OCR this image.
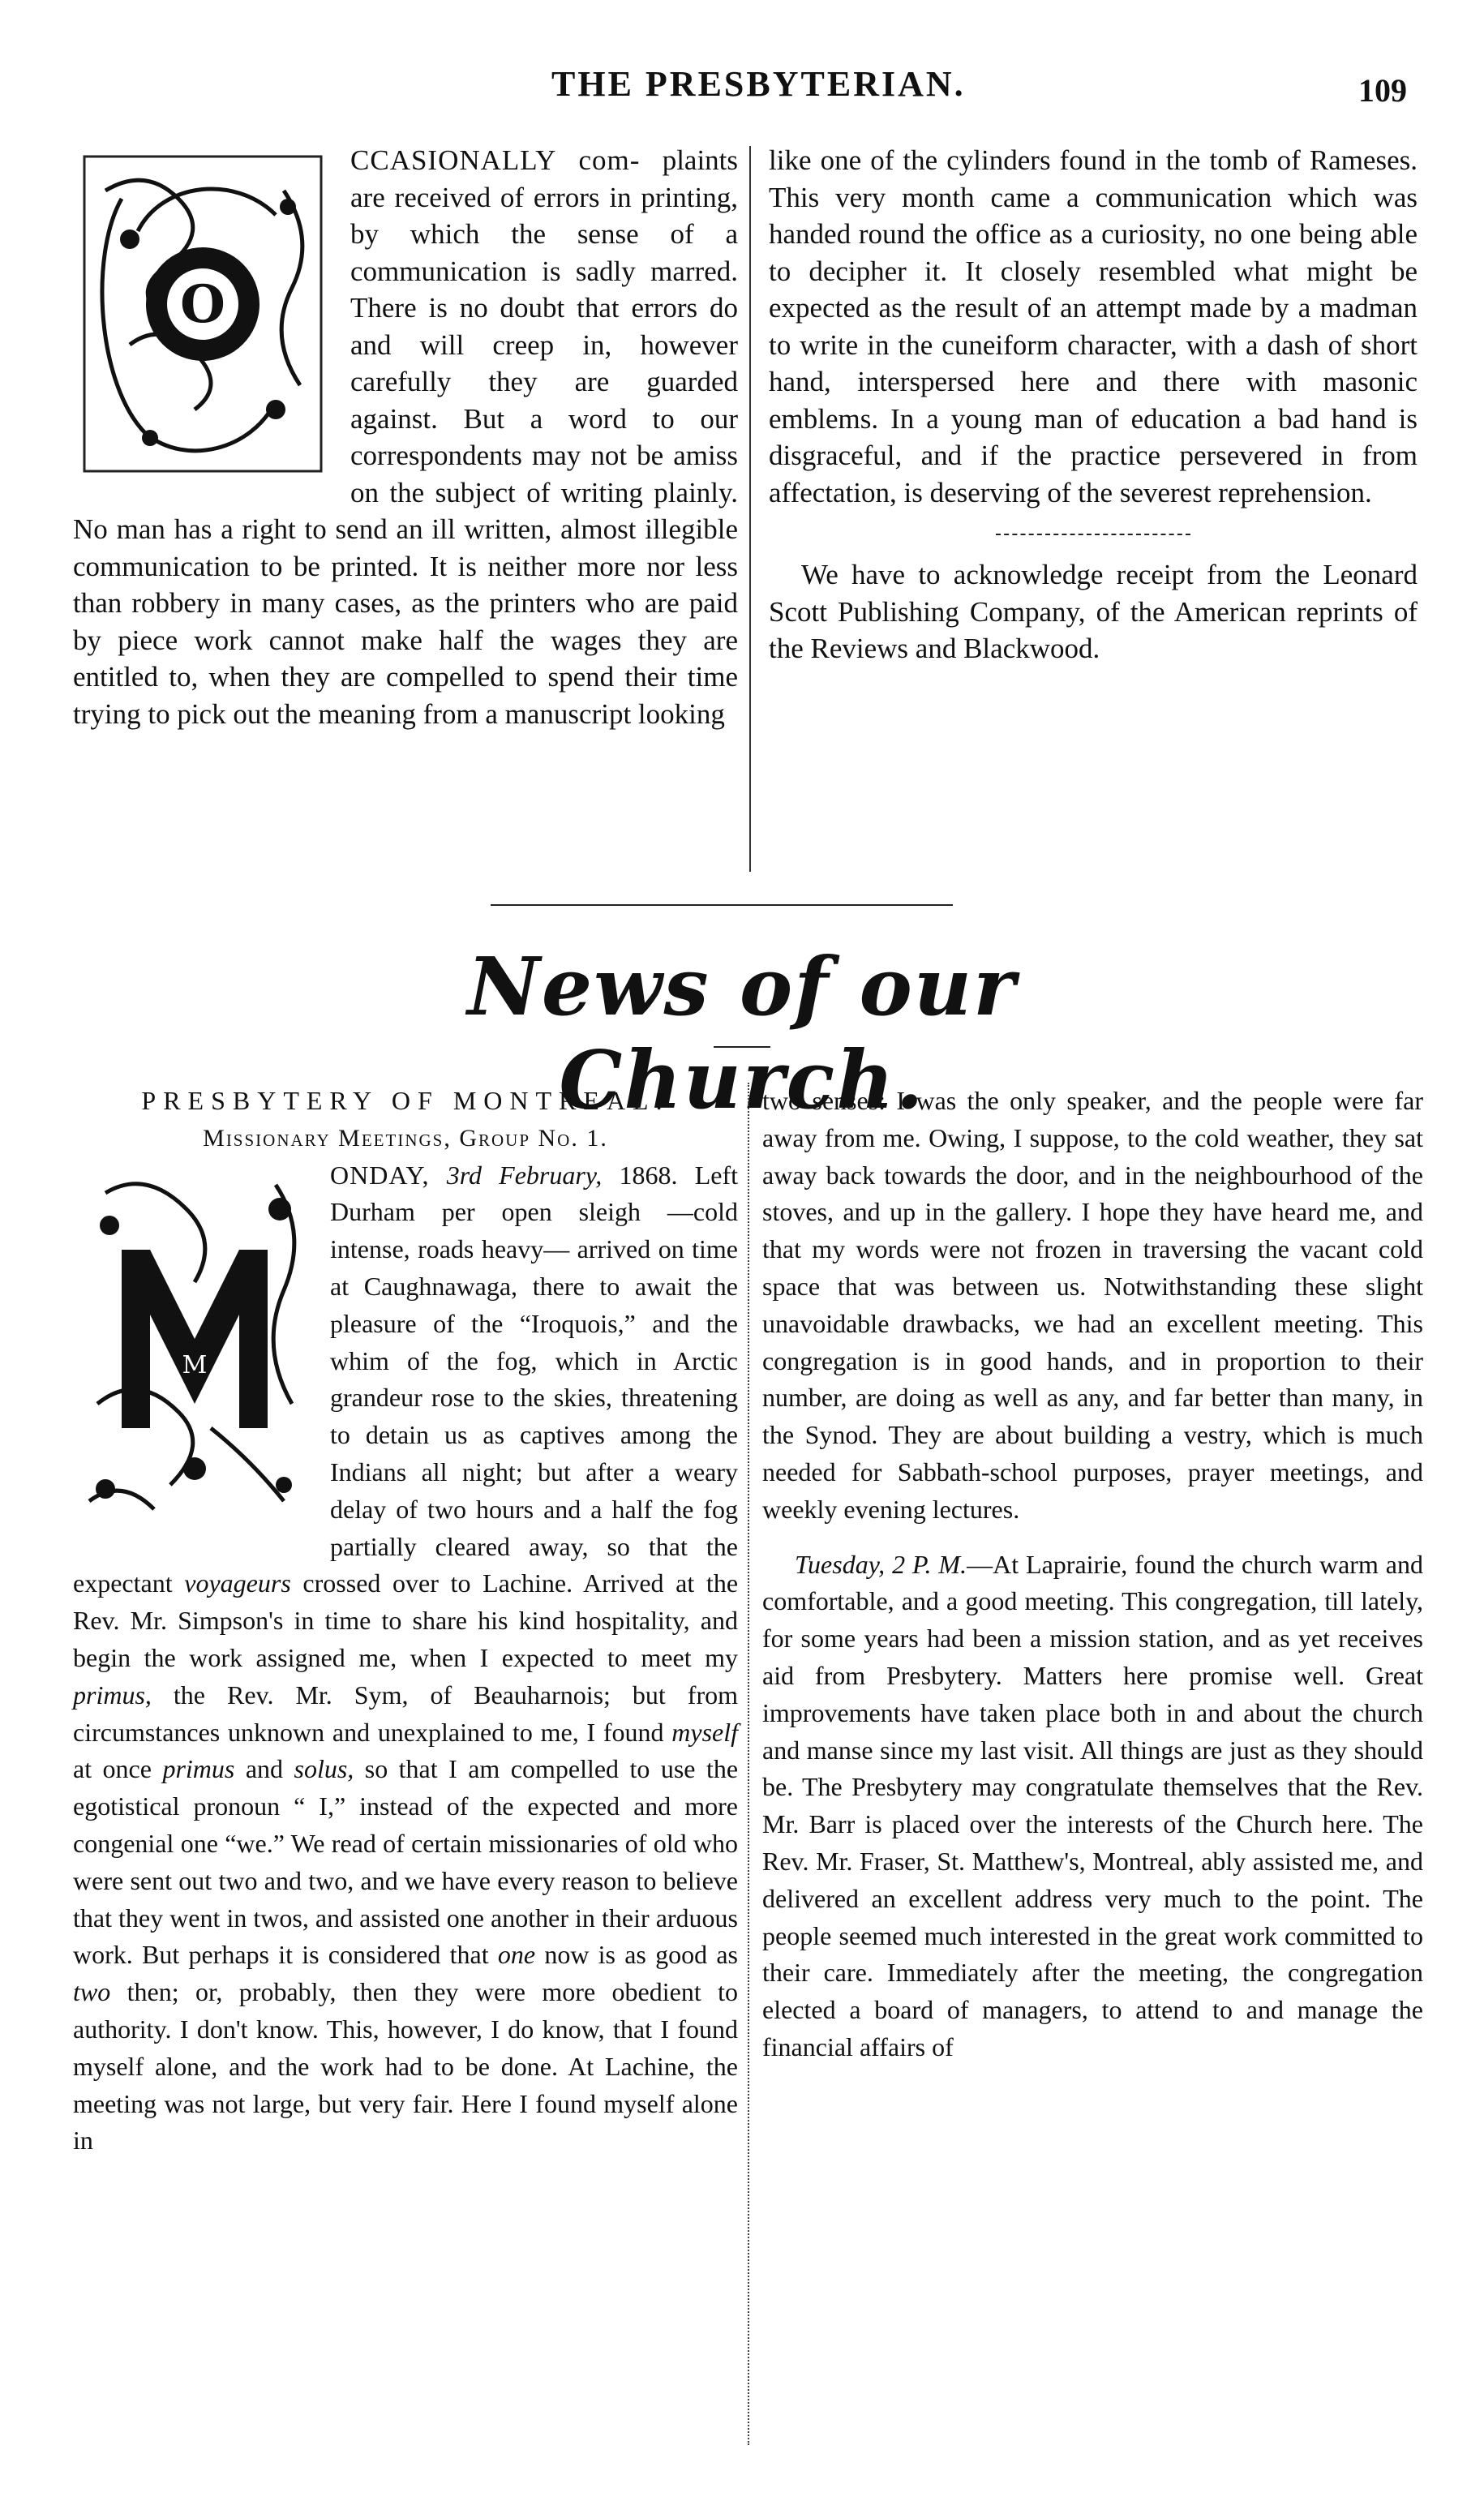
THE PRESBYTERIAN.	109
O

CCASIONALLY com- plaints are received of errors in printing, by which the sense of a communication is sadly marred. There is no doubt that errors do and will creep in, however carefully they are guarded against. But a word to our correspondents may not be amiss on the subject of writing plainly. No man has a right to send an ill written, almost illegible communication to be printed. It is neither more nor less than robbery in many cases, as the printers who are paid by piece work cannot make half the wages they are entitled to, when they are compelled to spend their time trying to pick out the meaning from a manuscript looking

like one of the cylinders found in the tomb of Rameses. This very month came a communication which was handed round the office as a curiosity, no one being able to decipher it. It closely resembled what might be expected as the result of an attempt made by a madman to write in the cuneiform character, with a dash of short hand, interspersed here and there with masonic emblems. In a young man of education a bad hand is disgraceful, and if the practice persevered in from affectation, is deserving of the severest reprehension.

We have to acknowledge receipt from the Leonard Scott Publishing Company, of the American reprints of the Reviews and Blackwood.

News of our Church.

PRESBYTERY OF MONTREAL.

Missionary Meetings, Group No. 1.

M

ONDAY, 3rd February, 1868. Left Durham per open sleigh —cold intense, roads heavy— arrived on time at Caughnawaga, there to await the pleasure of the “Iroquois,” and the whim of the fog, which in Arctic grandeur rose to the skies, threatening to detain us as captives among the Indians all night; but after a weary delay of two hours and a half the fog partially cleared away, so that the expectant voyageurs crossed over to Lachine. Arrived at the Rev. Mr. Simpson's in time to share his kind hospitality, and begin the work assigned me, when I expected to meet my primus, the Rev. Mr. Sym, of Beauharnois; but from circumstances unknown and unexplained to me, I found myself at once primus and solus, so that I am compelled to use the egotistical pronoun “ I,” instead of the expected and more congenial one “we.” We read of certain missionaries of old who were sent out two and two, and we have every reason to believe that they went in twos, and assisted one another in their arduous work. But perhaps it is considered that one now is as good as two then; or, probably, then they were more obedient to authority. I don't know. This, however, I do know, that I found myself alone, and the work had to be done. At Lachine, the meeting was not large, but very fair. Here I found myself alone in

two senses: I was the only speaker, and the people were far away from me. Owing, I suppose, to the cold weather, they sat away back towards the door, and in the neighbourhood of the stoves, and up in the gallery. I hope they have heard me, and that my words were not frozen in traversing the vacant cold space that was between us. Notwithstanding these slight unavoidable drawbacks, we had an excellent meeting. This congregation is in good hands, and in proportion to their number, are doing as well as any, and far better than many, in the Synod. They are about building a vestry, which is much needed for Sabbath-school purposes, prayer meetings, and weekly evening lectures.

Tuesday, 2 P. M.—At Laprairie, found the church warm and comfortable, and a good meeting. This congregation, till lately, for some years had been a mission station, and as yet receives aid from Presbytery. Matters here promise well. Great improvements have taken place both in and about the church and manse since my last visit. All things are just as they should be. The Presbytery may congratulate themselves that the Rev. Mr. Barr is placed over the interests of the Church here. The Rev. Mr. Fraser, St. Matthew's, Montreal, ably assisted me, and delivered an excellent address very much to the point. The people seemed much interested in the great work committed to their care. Immediately after the meeting, the congregation elected a board of managers, to attend to and manage the financial affairs of
